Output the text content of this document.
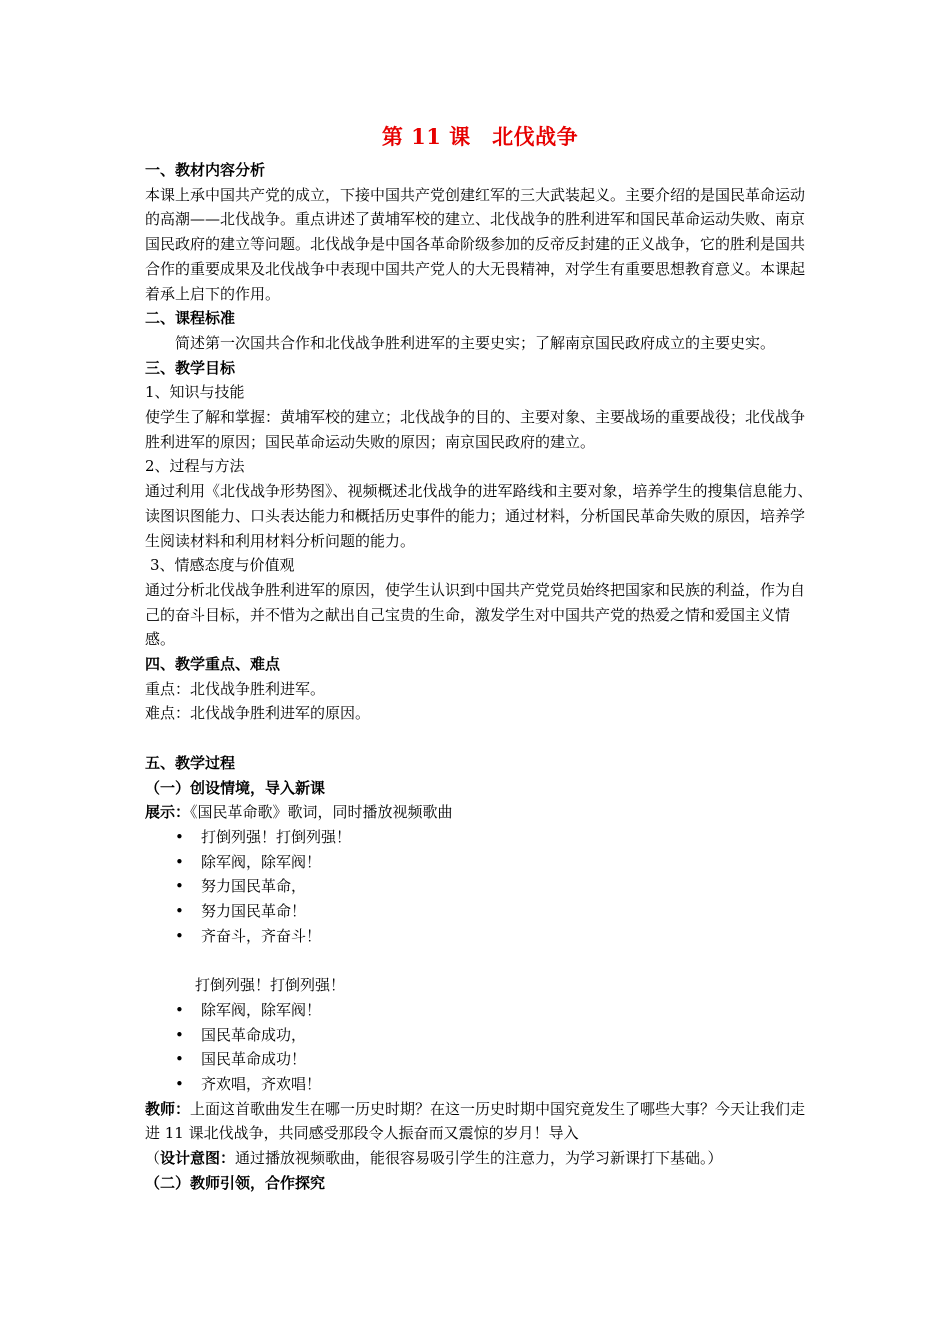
第 11 课　北伐战争
一、教材内容分析
本课上承中国共产党的成立，下接中国共产党创建红军的三大武装起义。主要介绍的是国民革命运动的高潮——北伐战争。重点讲述了黄埔军校的建立、北伐战争的胜利进军和国民革命运动失败、南京国民政府的建立等问题。北伐战争是中国各革命阶级参加的反帝反封建的正义战争，它的胜利是国共合作的重要成果及北伐战争中表现中国共产党人的大无畏精神，对学生有重要思想教育意义。本课起着承上启下的作用。
二、课程标准
简述第一次国共合作和北伐战争胜利进军的主要史实；了解南京国民政府成立的主要史实。
三、教学目标
1、知识与技能
使学生了解和掌握：黄埔军校的建立；北伐战争的目的、主要对象、主要战场的重要战役；北伐战争胜利进军的原因；国民革命运动失败的原因；南京国民政府的建立。
2、过程与方法
通过利用《北伐战争形势图》、视频概述北伐战争的进军路线和主要对象，培养学生的搜集信息能力、读图识图能力、口头表达能力和概括历史事件的能力；通过材料，分析国民革命失败的原因，培养学生阅读材料和利用材料分析问题的能力。
3、情感态度与价值观
通过分析北伐战争胜利进军的原因，使学生认识到中国共产党党员始终把国家和民族的利益，作为自己的奋斗目标，并不惜为之献出自己宝贵的生命，激发学生对中国共产党的热爱之情和爱国主义情感。
四、教学重点、难点
重点：北伐战争胜利进军。
难点：北伐战争胜利进军的原因。
五、教学过程
（一）创设情境，导入新课
展示：《国民革命歌》歌词，同时播放视频歌曲
• 打倒列强！打倒列强！
• 除军阀，除军阀！
• 努力国民革命，
• 努力国民革命！
• 齐奋斗，齐奋斗！
打倒列强！打倒列强！
• 除军阀，除军阀！
• 国民革命成功，
• 国民革命成功！
• 齐欢唱，齐欢唱！
教师：上面这首歌曲发生在哪一历史时期？在这一历史时期中国究竟发生了哪些大事？今天让我们走进 11 课北伐战争，共同感受那段令人振奋而又震惊的岁月！导入
（设计意图：通过播放视频歌曲，能很容易吸引学生的注意力，为学习新课打下基础。）
（二）教师引领，合作探究
